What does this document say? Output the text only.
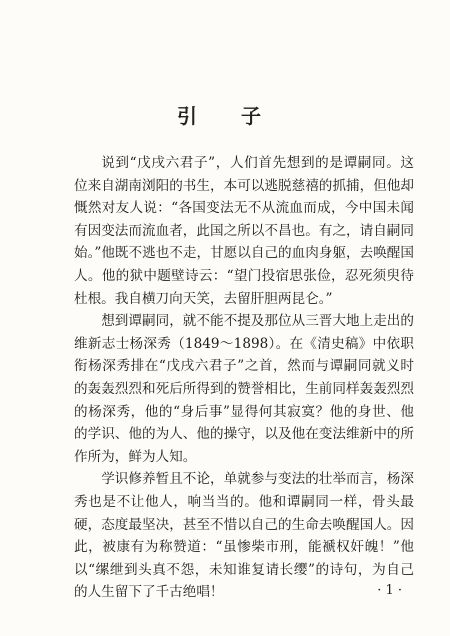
引　子

说到“戊戌六君子”，人们首先想到的是谭嗣同。这位来自湖南浏阳的书生，本可以逃脱慈禧的抓捕，但他却慨然对友人说：“各国变法无不从流血而成，今中国未闻有因变法而流血者，此国之所以不昌也。有之，请自嗣同始。”他既不逃也不走，甘愿以自己的血肉身躯，去唤醒国人。他的狱中题壁诗云：“望门投宿思张俭，忍死须臾待杜根。我自横刀向天笑，去留肝胆两昆仑。”

想到谭嗣同，就不能不提及那位从三晋大地上走出的维新志士杨深秀（1849～1898）。在《清史稿》中依职衔杨深秀排在“戊戌六君子”之首，然而与谭嗣同就义时的轰轰烈烈和死后所得到的赞誉相比，生前同样轰轰烈烈的杨深秀，他的“身后事”显得何其寂寞？他的身世、他的学识、他的为人、他的操守，以及他在变法维新中的所作所为，鲜为人知。

学识修养暂且不论，单就参与变法的壮举而言，杨深秀也是不让他人，响当当的。他和谭嗣同一样，骨头最硬，态度最坚决，甚至不惜以自己的生命去唤醒国人。因此，被康有为称赞道：“虽惨柴市刑，能褫权奸魄！”他以“缧绁到头真不怨，未知谁复请长缨”的诗句，为自己的人生留下了千古绝唱！	· 1 ·
